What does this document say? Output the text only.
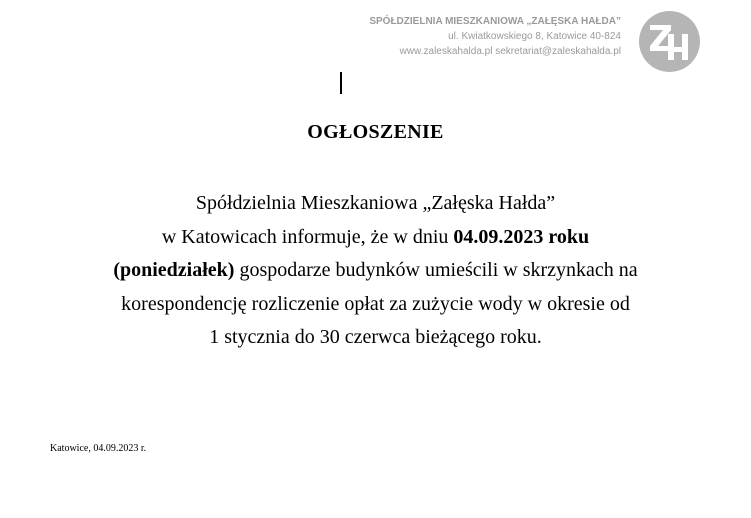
SPÓŁDZIELNIA MIESZKANIOWA „ZAŁĘSKA HAŁDA”
ul. Kwiatkowskiego 8, Katowice 40-824
www.zaleskahalda.pl sekretariat@zaleskahalda.pl
OGŁOSZENIE
Spółdzielnia Mieszkaniowa „Załęska Hałda”
w Katowicach informuje, że w dniu 04.09.2023 roku
(poniedziałek) gospodarze budynków umieścili w skrzynkach na
korespondencję rozliczenie opłat za zużycie wody w okresie od
1 stycznia do 30 czerwca bieżącego roku.
Katowice, 04.09.2023 r.
